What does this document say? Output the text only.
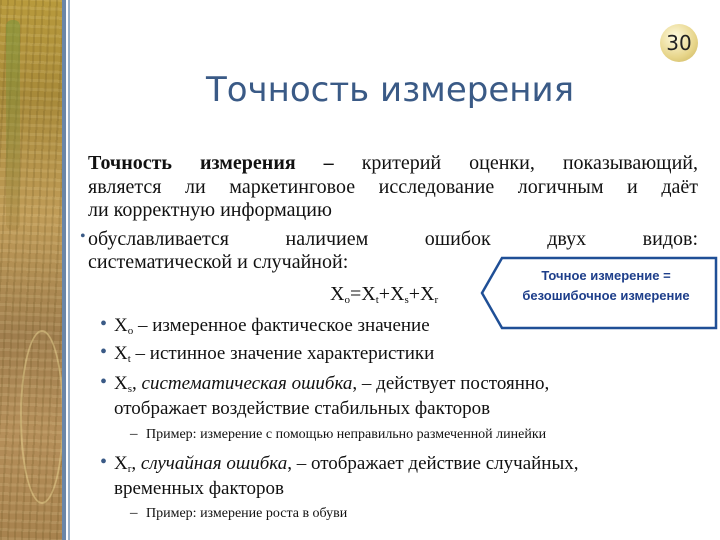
30
Точность измерения

Точность измерения – критерий оценки, показывающий,

является ли маркетинговое исследование логичным и даёт

ли корректную информацию

• обуславливается наличием ошибок двух видов:

систематической и случайной:

$X_o=X_t+X_s+X_r$
Точное измерение =
безошибочное измерение
• $X_o$ – измеренное фактическое значение

• $X_t$ – истинное значение характеристики

• $X_s$, систематическая ошибка, – действует постоянно,

отображает воздействие стабильных факторов

– Пример: измерение с помощью неправильно размеченной линейки

• $X_r$, случайная ошибка, – отображает действие случайных,

временных факторов

– Пример: измерение роста в обуви
